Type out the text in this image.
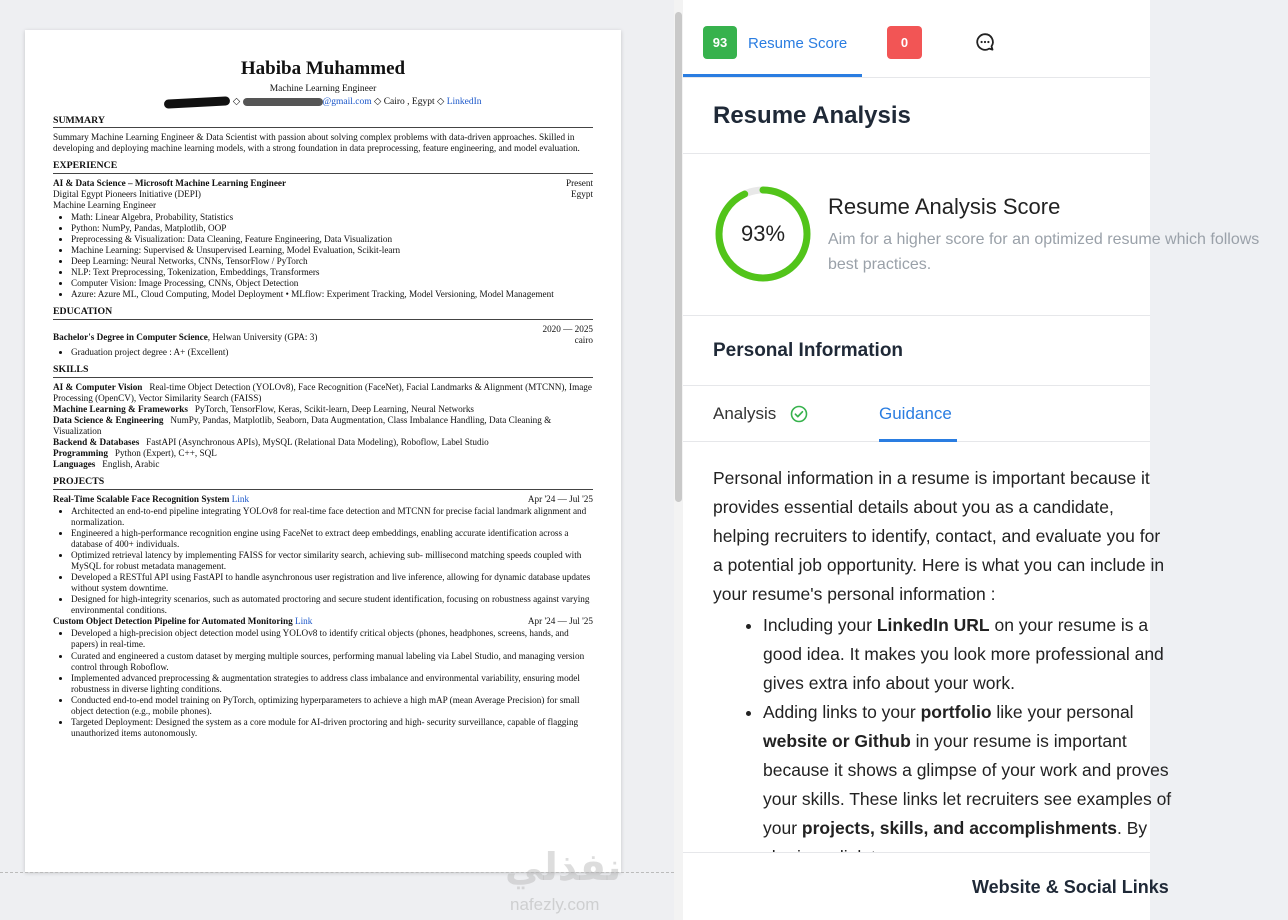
Habiba Muhammed
Machine Learning Engineer
◇	@gmail.com ◇ Cairo , Egypt ◇ LinkedIn
SUMMARY
Summary Machine Learning Engineer & Data Scientist with passion about solving complex problems with data-driven approaches. Skilled in developing and deploying machine learning models, with a strong foundation in data preprocessing, feature engineering, and model evaluation.
EXPERIENCE
AI & Data Science – Microsoft Machine Learning Engineer	Present
Digital Egypt Pioneers Initiative (DEPI)	Egypt
Machine Learning Engineer
• Math: Linear Algebra, Probability, Statistics
• Python: NumPy, Pandas, Matplotlib, OOP
• Preprocessing & Visualization: Data Cleaning, Feature Engineering, Data Visualization
• Machine Learning: Supervised & Unsupervised Learning, Model Evaluation, Scikit-learn
• Deep Learning: Neural Networks, CNNs, TensorFlow / PyTorch
• NLP: Text Preprocessing, Tokenization, Embeddings, Transformers
• Computer Vision: Image Processing, CNNs, Object Detection
• Azure: Azure ML, Cloud Computing, Model Deployment • MLflow: Experiment Tracking, Model Versioning, Model Management
EDUCATION
Bachelor's Degree in Computer Science, Helwan University (GPA: 3)
2020 — 2025
cairo
• Graduation project degree : A+ (Excellent)
SKILLS
AI & Computer Vision Real-time Object Detection (YOLOv8), Face Recognition (FaceNet), Facial Landmarks & Alignment (MTCNN), Image Processing (OpenCV), Vector Similarity Search (FAISS)
Machine Learning & Frameworks PyTorch, TensorFlow, Keras, Scikit-learn, Deep Learning, Neural Networks
Data Science & Engineering NumPy, Pandas, Matplotlib, Seaborn, Data Augmentation, Class Imbalance Handling, Data Cleaning & Visualization
Backend & Databases FastAPI (Asynchronous APIs), MySQL (Relational Data Modeling), Roboflow, Label Studio
Programming Python (Expert), C++, SQL
Languages English, Arabic
PROJECTS
Real-Time Scalable Face Recognition System Link	Apr '24 — Jul '25
• Architected an end-to-end pipeline integrating YOLOv8 for real-time face detection and MTCNN for precise facial landmark alignment and normalization.
• Engineered a high-performance recognition engine using FaceNet to extract deep embeddings, enabling accurate identification across a database of 400+ individuals.
• Optimized retrieval latency by implementing FAISS for vector similarity search, achieving sub- millisecond matching speeds coupled with MySQL for robust metadata management.
• Developed a RESTful API using FastAPI to handle asynchronous user registration and live inference, allowing for dynamic database updates without system downtime.
• Designed for high-integrity scenarios, such as automated proctoring and secure student identification, focusing on robustness against varying environmental conditions.
Custom Object Detection Pipeline for Automated Monitoring Link	Apr '24 — Jul '25
• Developed a high-precision object detection model using YOLOv8 to identify critical objects (phones, headphones, screens, hands, and papers) in real-time.
• Curated and engineered a custom dataset by merging multiple sources, performing manual labeling via Label Studio, and managing version control through Roboflow.
• Implemented advanced preprocessing & augmentation strategies to address class imbalance and environmental variability, ensuring model robustness in diverse lighting conditions.
• Conducted end-to-end model training on PyTorch, optimizing hyperparameters to achieve a high mAP (mean Average Precision) for small object detection (e.g., mobile phones).
• Targeted Deployment: Designed the system as a core module for AI-driven proctoring and high- security surveillance, capable of flagging unauthorized items autonomously.
نفذلي
nafezly.com
93	Resume Score	0
Resume Analysis
93%
Resume Analysis Score
Aim for a higher score for an optimized resume which follows best practices.
Personal Information
Analysis	Guidance
Personal information in a resume is important because it provides essential details about you as a candidate, helping recruiters to identify, contact, and evaluate you for a potential job opportunity. Here is what you can include in your resume's personal information :
• Including your LinkedIn URL on your resume is a good idea. It makes you look more professional and gives extra info about your work.
• Adding links to your portfolio like your personal website or Github in your resume is important because it shows a glimpse of your work and proves your skills. These links let recruiters see examples of your projects, skills, and accomplishments. By
Website & Social Links
